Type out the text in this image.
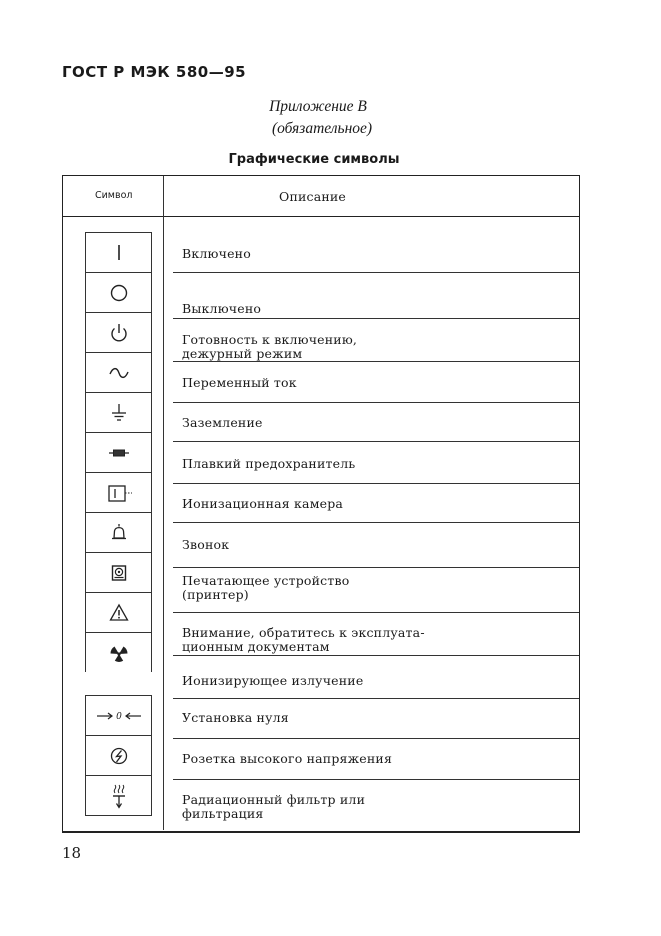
ГОСТ Р МЭК 580—95
Приложение В
(обязательное)
Графические символы
Символ	Описание
Включено
Выключено
Готовность к включению,
дежурный режим
Переменный ток
Заземление
Плавкий предохранитель
Ионизационная камера
Звонок
Печатающее устройство
(принтер)
Внимание, обратитесь к эксплуата-
ционным документам
Ионизирующее излучение
0	Установка нуля
Розетка высокого напряжения
Радиационный фильтр или
фильтрация
18
